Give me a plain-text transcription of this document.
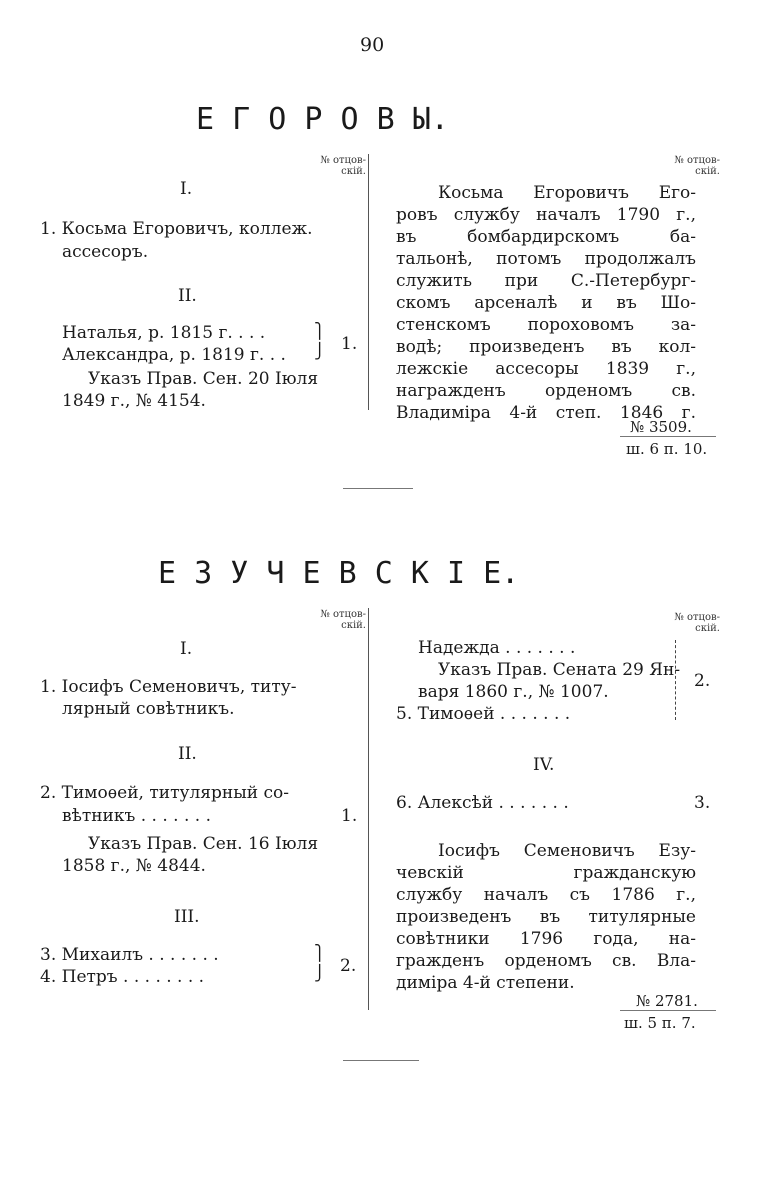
90
Е Г О Р О В Ы.
№ отцов-
скій.
I.
1. Косьма Егоровичъ, коллеж.
ассесоръ.
II.
Наталья, р. 1815 г. . . .
Александра, р. 1819 г. . .
⎫
⎭ 1.
Указъ Прав. Сен. 20 Іюля
1849 г., № 4154.
№ отцов-
скій.
Косьма Егоровичъ Его-
ровъ службу началъ 1790 г.,
въ бомбардирскомъ ба-
тальонѣ, потомъ продолжалъ
служить при С.-Петербург-
скомъ арсеналѣ и въ Шо-
стенскомъ пороховомъ за-
водѣ; произведенъ въ кол-
лежскіе ассесоры 1839 г.,
награжденъ орденомъ св.
Владиміра 4-й степ. 1846 г.
№ 3509.
ш. 6 п. 10.
Е З У Ч Е В С К І Е.
№ отцов-
скій.
I.
1. Іосифъ Семеновичъ, титу-
лярный совѣтникъ.
II.
2. Тимоѳей, титулярный со-
вѣтникъ . . . . . . .	1.
Указъ Прав. Сен. 16 Іюля
1858 г., № 4844.
III.
3. Михаилъ . . . . . . .
4. Петръ . . . . . . . .
⎫
⎭ 2.
№ отцов-
скій.
Надежда . . . . . . .
Указъ Прав. Сената 29 Ян-
варя 1860 г., № 1007.
5. Тимоѳей . . . . . . .
2.
IV.
6. Алексѣй . . . . . . .	3.
Іосифъ Семеновичъ Езу-
чевскій гражданскую
службу началъ съ 1786 г.,
произведенъ въ титулярные
совѣтники 1796 года, на-
гражденъ орденомъ св. Вла-
диміра 4-й степени.
№ 2781.
ш. 5 п. 7.
